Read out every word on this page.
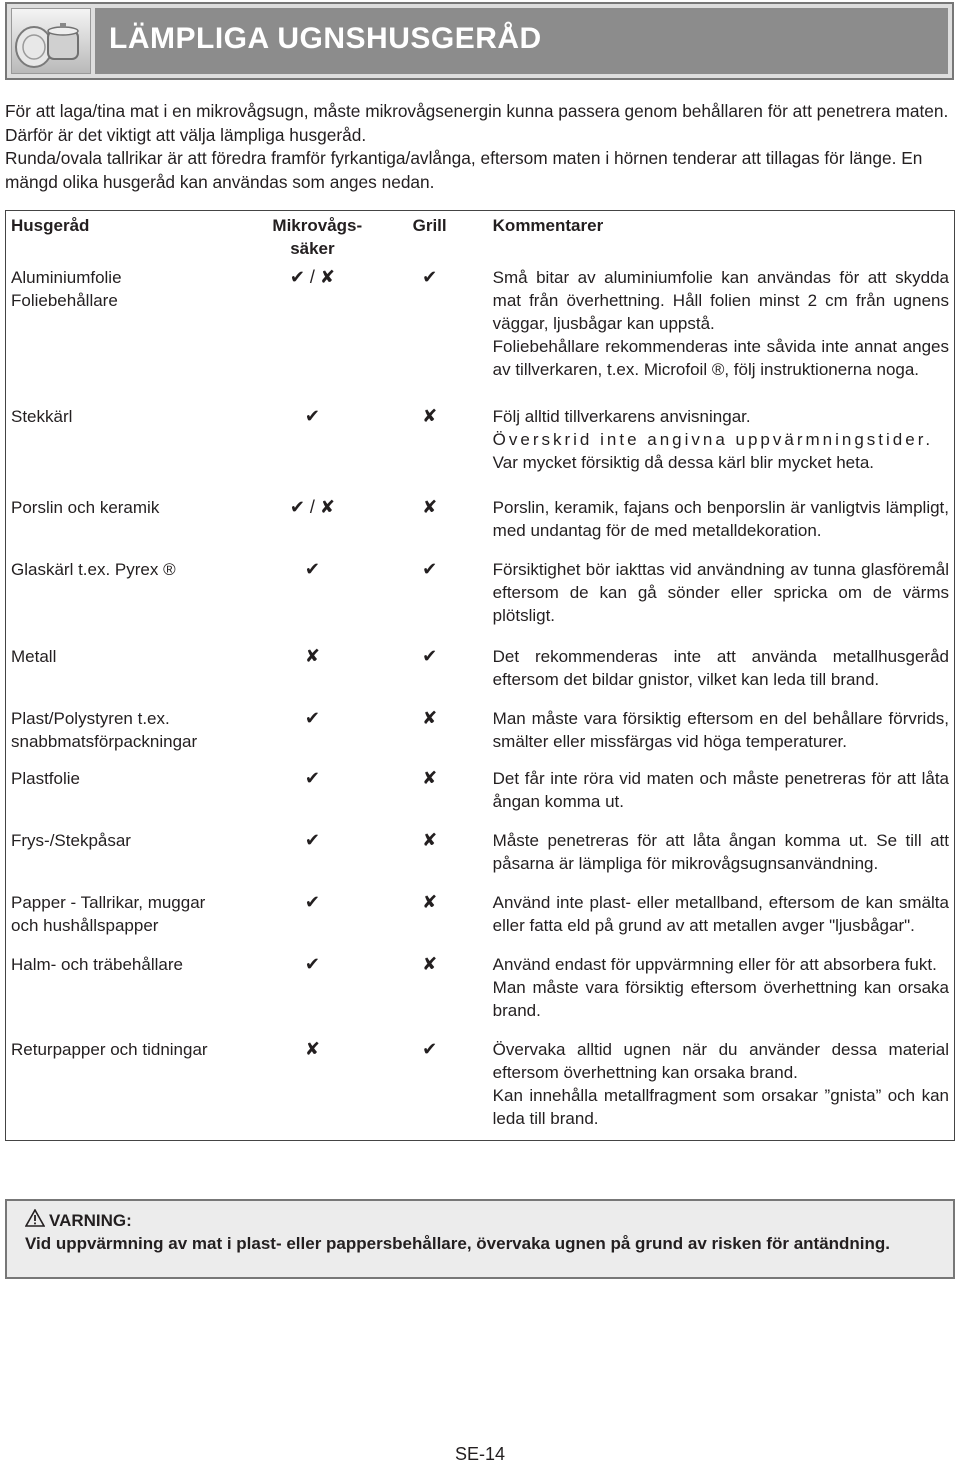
LÄMPLIGA UGNSHUSGERÅD

För att laga/tina mat i en mikrovågsugn, måste mikrovågsenergin kunna passera genom behållaren för att penetrera maten. Därför är det viktigt att välja lämpliga husgeråd.

Runda/ovala tallrikar är att föredra framför fyrkantiga/avlånga, eftersom maten i hörnen tenderar att tillagas för länge. En mängd olika husgeråd kan användas som anges nedan.

Husgeråd	Mikrovågs-säker	Grill	Kommentarer

Aluminiumfolie
Foliebehållare	✔ / ✘	✔	Små bitar av aluminiumfolie kan användas för att skydda mat från överhettning. Håll folien minst 2 cm från ugnens väggar, ljusbågar kan uppstå.
Foliebehållare rekommenderas inte såvida inte annat anges av tillverkaren, t.ex. Microfoil ®, följ instruktionerna noga.

Stekkärl	✔	✘	Följ alltid tillverkarens anvisningar.
Överskrid inte angivna uppvärmningstider.
Var mycket försiktig då dessa kärl blir mycket heta.

Porslin och keramik	✔ / ✘	✘	Porslin, keramik, fajans och benporslin är vanligtvis lämpligt, med undantag för de med metalldekoration.

Glaskärl t.ex. Pyrex ®	✔	✔	Försiktighet bör iakttas vid användning av tunna glasföremål eftersom de kan gå sönder eller spricka om de värms plötsligt.

Metall	✘	✔	Det rekommenderas inte att använda metallhusgeråd eftersom det bildar gnistor, vilket kan leda till brand.

Plast/Polystyren t.ex.
snabbmatsförpackningar	✔	✘	Man måste vara försiktig eftersom en del behållare förvrids, smälter eller missfärgas vid höga temperaturer.

Plastfolie	✔	✘	Det får inte röra vid maten och måste penetreras för att låta ångan komma ut.

Frys-/Stekpåsar	✔	✘	Måste penetreras för att låta ångan komma ut. Se till att påsarna är lämpliga för mikrovågsugnsanvändning.

Papper - Tallrikar, muggar
och hushållspapper	✔	✘	Använd inte plast- eller metallband, eftersom de kan smälta eller fatta eld på grund av att metallen avger "ljusbågar".

Halm- och träbehållare	✔	✘	Använd endast för uppvärmning eller för att absorbera fukt.
Man måste vara försiktig eftersom överhettning kan orsaka brand.

Returpapper och tidningar	✘	✔	Övervaka alltid ugnen när du använder dessa material eftersom överhettning kan orsaka brand.
Kan innehålla metallfragment som orsakar ”gnista” och kan leda till brand.
VARNING:
Vid uppvärmning av mat i plast- eller pappersbehållare, övervaka ugnen på grund av risken för antändning.
SE-14
